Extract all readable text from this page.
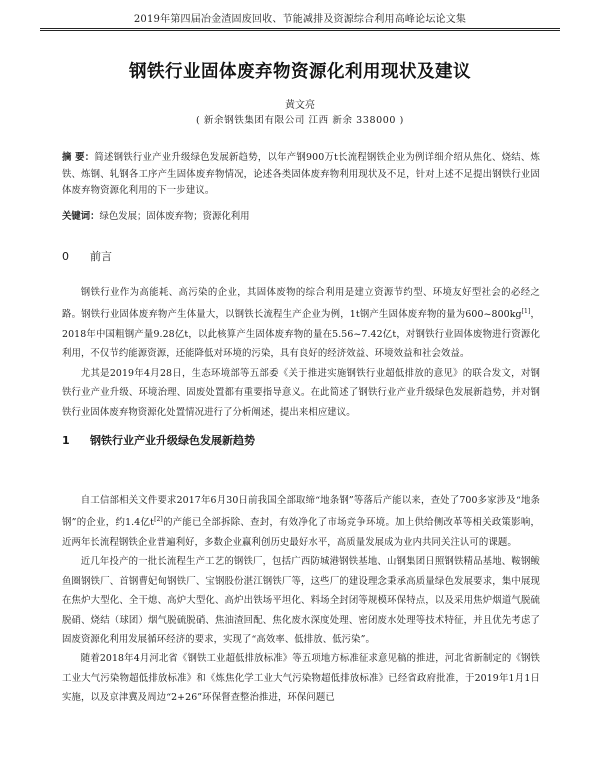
2019年第四届冶金渣固废回收、节能减排及资源综合利用高峰论坛论文集
钢铁行业固体废弃物资源化利用现状及建议
黄文亮
( 新余钢铁集团有限公司 江西 新余 338000 )
摘 要：简述钢铁行业产业升级绿色发展新趋势，以年产钢900万t长流程钢铁企业为例详细介绍从焦化、烧结、炼铁、炼钢、轧钢各工序产生固体废弃物情况，论述各类固体废弃物利用现状及不足，针对上述不足提出钢铁行业固体废弃物资源化利用的下一步建议。
关键词：绿色发展；固体废弃物；资源化利用
0 前言

钢铁行业作为高能耗、高污染的企业，其固体废物的综合利用是建立资源节约型、环境友好型社会的必经之路。钢铁行业固体废弃物产生体量大，以钢铁长流程生产企业为例，1t钢产生固体废弃物的量为600~800kg[1]，2018年中国粗钢产量9.28亿t，以此核算产生固体废弃物的量在5.56~7.42亿t，对钢铁行业固体废物进行资源化利用，不仅节约能源资源，还能降低对环境的污染，具有良好的经济效益、环境效益和社会效益。

尤其是2019年4月28日，生态环境部等五部委《关于推进实施钢铁行业超低排放的意见》的联合发文，对钢铁行业产业升级、环境治理、固废处置都有重要指导意义。在此简述了钢铁行业产业升级绿色发展新趋势，并对钢铁行业固体废弃物资源化处置情况进行了分析阐述，提出来相应建议。

1 钢铁行业产业升级绿色发展新趋势

自工信部相关文件要求2017年6月30日前我国全部取缔“地条钢”等落后产能以来，查处了700多家涉及“地条钢”的企业，约1.4亿t[2]的产能已全部拆除、查封，有效净化了市场竞争环境。加上供给侧改革等相关政策影响，近两年长流程钢铁企业普遍利好，多数企业赢利创历史最好水平，高质量发展成为业内共同关注认可的课题。

近几年投产的一批长流程生产工艺的钢铁厂，包括广西防城港钢铁基地、山钢集团日照钢铁精品基地、鞍钢鲅鱼圈钢铁厂、首钢曹妃甸钢铁厂、宝钢股份湛江钢铁厂等，这些厂的建设理念秉承高质量绿色发展要求，集中展现在焦炉大型化、全干熄、高炉大型化、高炉出铁场平坦化、料场全封闭等规模环保特点，以及采用焦炉烟道气脱硫脱硝、烧结（球团）烟气脱硫脱硝、焦油渣回配、焦化废水深度处理、密闭废水处理等技术特征，并且优先考虑了固废资源化利用发展循环经济的要求，实现了“高效率、低排放、低污染”。

随着2018年4月河北省《钢铁工业超低排放标准》等五项地方标准征求意见稿的推进，河北省新制定的《钢铁工业大气污染物超低排放标准》和《炼焦化学工业大气污染物超低排放标准》已经省政府批准，于2019年1月1日实施，以及京津冀及周边“2+26”环保督查整治推进，环保问题已
